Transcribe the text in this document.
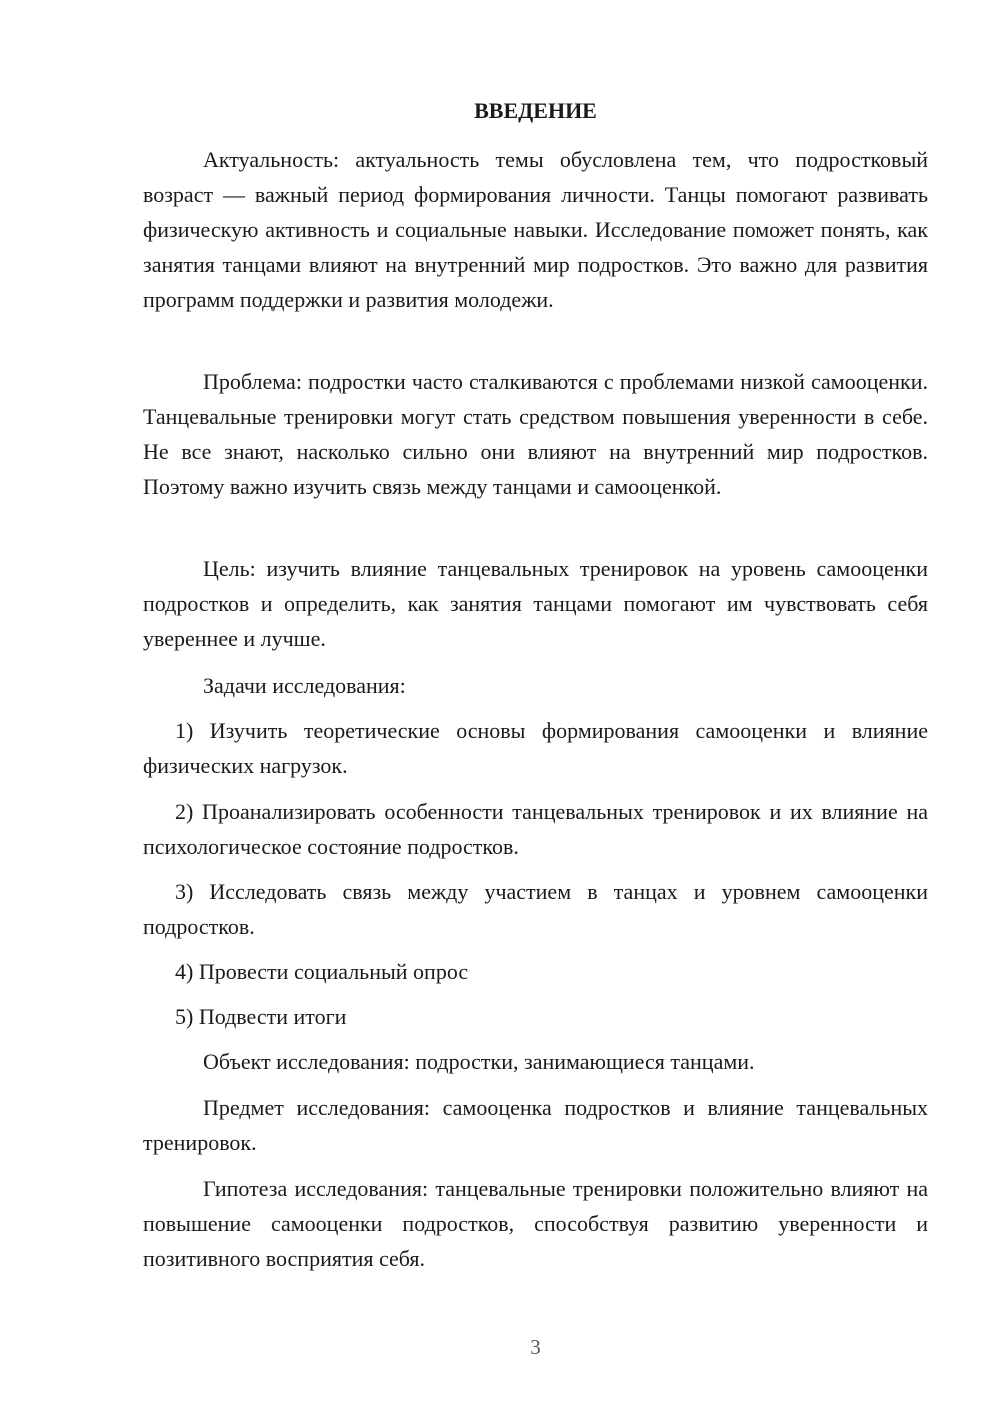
ВВЕДЕНИЕ

Актуальность: актуальность темы обусловлена тем, что подростковый возраст — важный период формирования личности. Танцы помогают развивать физическую активность и социальные навыки. Исследование поможет понять, как занятия танцами влияют на внутренний мир подростков. Это важно для развития программ поддержки и развития молодежи.

Проблема: подростки часто сталкиваются с проблемами низкой самооценки. Танцевальные тренировки могут стать средством повышения уверенности в себе. Не все знают, насколько сильно они влияют на внутренний мир подростков. Поэтому важно изучить связь между танцами и самооценкой.

Цель: изучить влияние танцевальных тренировок на уровень самооценки подростков и определить, как занятия танцами помогают им чувствовать себя увереннее и лучше.

Задачи исследования:

1) Изучить теоретические основы формирования самооценки и влияние физических нагрузок.

2) Проанализировать особенности танцевальных тренировок и их влияние на психологическое состояние подростков.

3) Исследовать связь между участием в танцах и уровнем самооценки подростков.

4) Провести социальный опрос

5) Подвести итоги

Объект исследования: подростки, занимающиеся танцами.

Предмет исследования: самооценка подростков и влияние танцевальных тренировок.

Гипотеза исследования: танцевальные тренировки положительно влияют на повышение самооценки подростков, способствуя развитию уверенности и позитивного восприятия себя.

3
